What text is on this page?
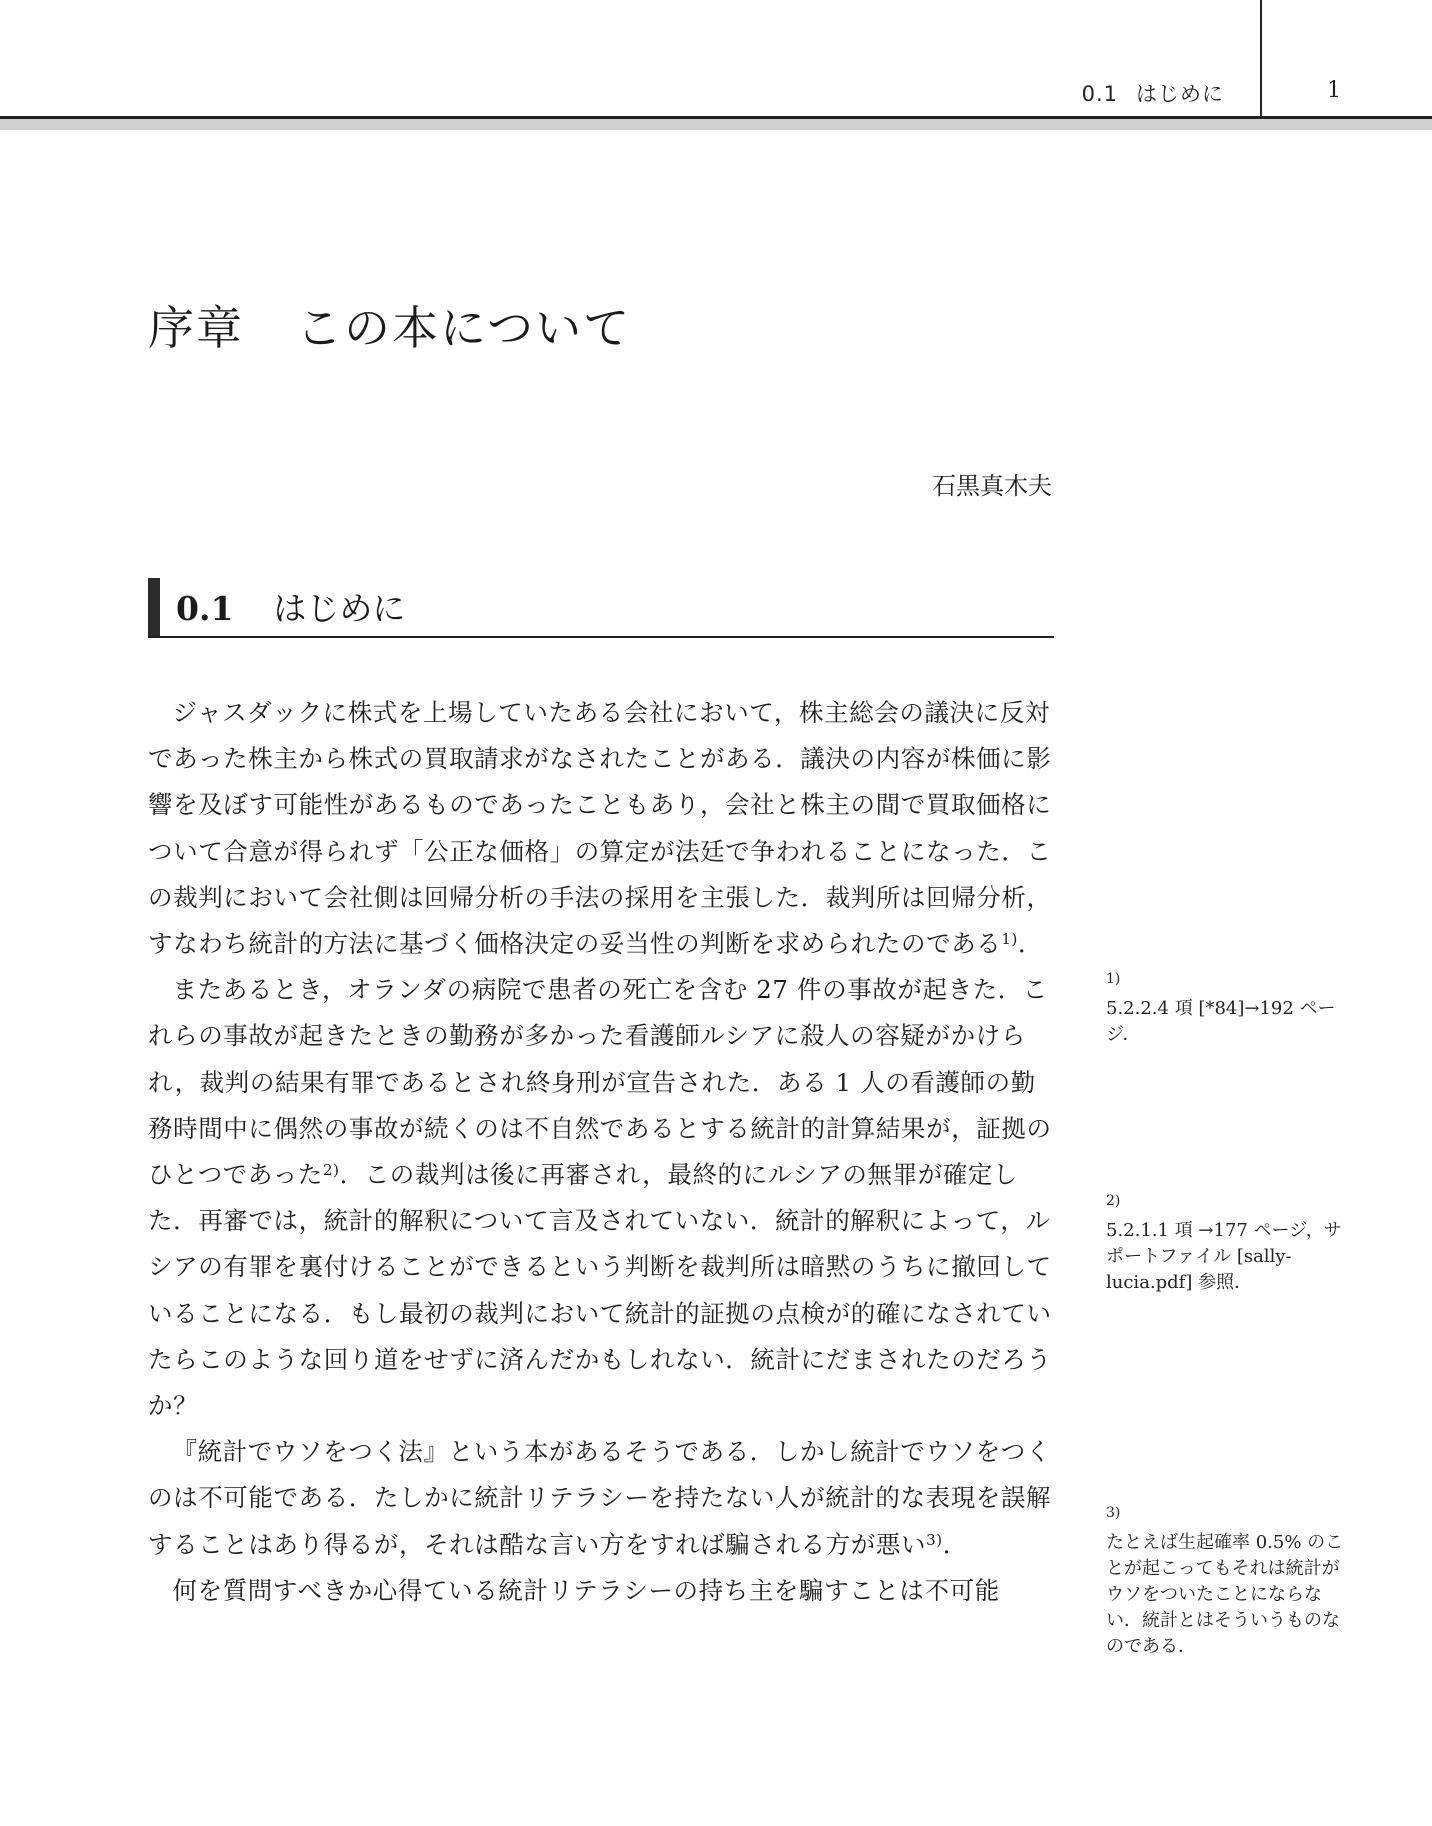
0.1 はじめに	1
序章 この本について
石黒真木夫
0.1 はじめに

ジャスダックに株式を上場していたある会社において，株主総会の議決に反対であった株主から株式の買取請求がなされたことがある．議決の内容が株価に影響を及ぼす可能性があるものであったこともあり，会社と株主の間で買取価格について合意が得られず「公正な価格」の算定が法廷で争われることになった．この裁判において会社側は回帰分析の手法の採用を主張した．裁判所は回帰分析，すなわち統計的方法に基づく価格決定の妥当性の判断を求められたのである$^{1)}$．

またあるとき，オランダの病院で患者の死亡を含む 27 件の事故が起きた．これらの事故が起きたときの勤務が多かった看護師ルシアに殺人の容疑がかけられ，裁判の結果有罪であるとされ終身刑が宣告された．ある 1 人の看護師の勤務時間中に偶然の事故が続くのは不自然であるとする統計的計算結果が，証拠のひとつであった$^{2)}$．この裁判は後に再審され，最終的にルシアの無罪が確定した．再審では，統計的解釈について言及されていない．統計的解釈によって，ルシアの有罪を裏付けることができるという判断を裁判所は暗黙のうちに撤回していることになる．もし最初の裁判において統計的証拠の点検が的確になされていたらこのような回り道をせずに済んだかもしれない．統計にだまされたのだろうか？

『統計でウソをつく法』という本があるそうである．しかし統計でウソをつくのは不可能である．たしかに統計リテラシーを持たない人が統計的な表現を誤解することはあり得るが，それは酷な言い方をすれば騙される方が悪い$^{3)}$．

何を質問すべきか心得ている統計リテラシーの持ち主を騙すことは不可能

1)
5.2.2.4 項 [*84]→192 ページ．
2)
5.2.1.1 項 →177 ページ，サポートファイル [sally-lucia.pdf] 参照．
3)
たとえば生起確率 0.5% のことが起こってもそれは統計がウソをついたことにならない．統計とはそういうものなのである．
